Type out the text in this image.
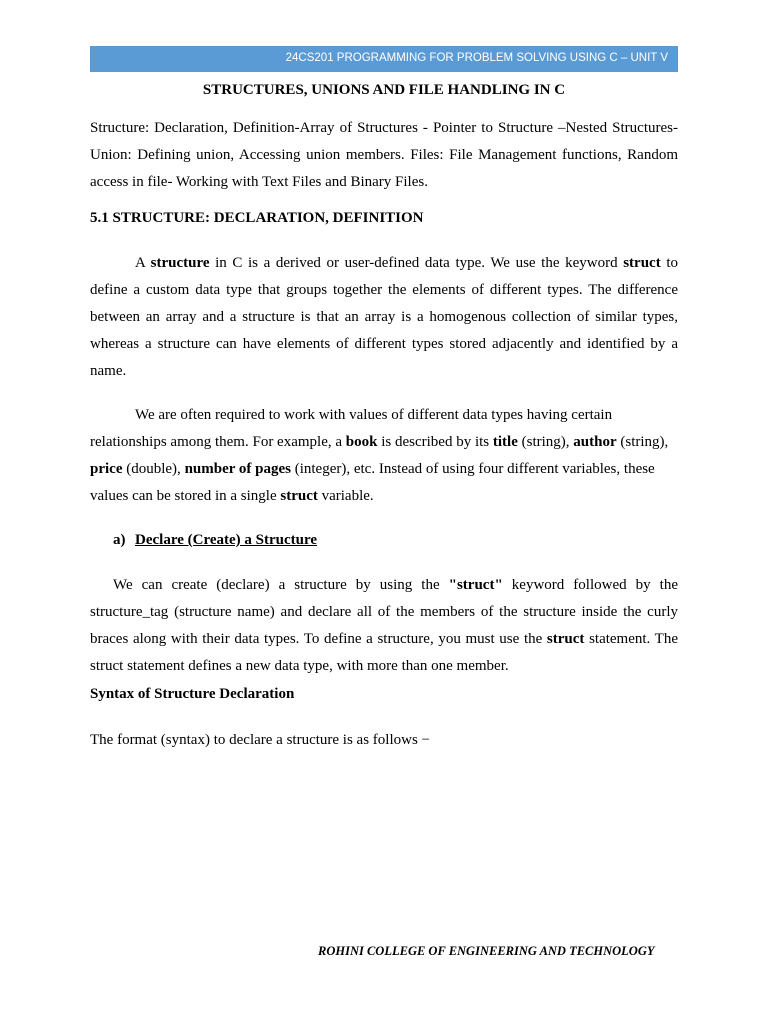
24CS201 PROGRAMMING FOR PROBLEM SOLVING USING C – UNIT V
STRUCTURES, UNIONS AND FILE HANDLING IN C

Structure: Declaration, Definition-Array of Structures - Pointer to Structure –Nested Structures- Union: Defining union, Accessing union members. Files: File Management functions, Random access in file- Working with Text Files and Binary Files.

5.1 STRUCTURE: DECLARATION, DEFINITION

A structure in C is a derived or user-defined data type. We use the keyword struct to define a custom data type that groups together the elements of different types. The difference between an array and a structure is that an array is a homogenous collection of similar types, whereas a structure can have elements of different types stored adjacently and identified by a name.

We are often required to work with values of different data types having certain relationships among them. For example, a book is described by its title (string), author (string), price (double), number of pages (integer), etc. Instead of using four different variables, these values can be stored in a single struct variable.

a) Declare (Create) a Structure

We can create (declare) a structure by using the "struct" keyword followed by the structure_tag (structure name) and declare all of the members of the structure inside the curly braces along with their data types. To define a structure, you must use the struct statement. The struct statement defines a new data type, with more than one member.

Syntax of Structure Declaration
The format (syntax) to declare a structure is as follows −
ROHINI COLLEGE OF ENGINEERING AND TECHNOLOGY
